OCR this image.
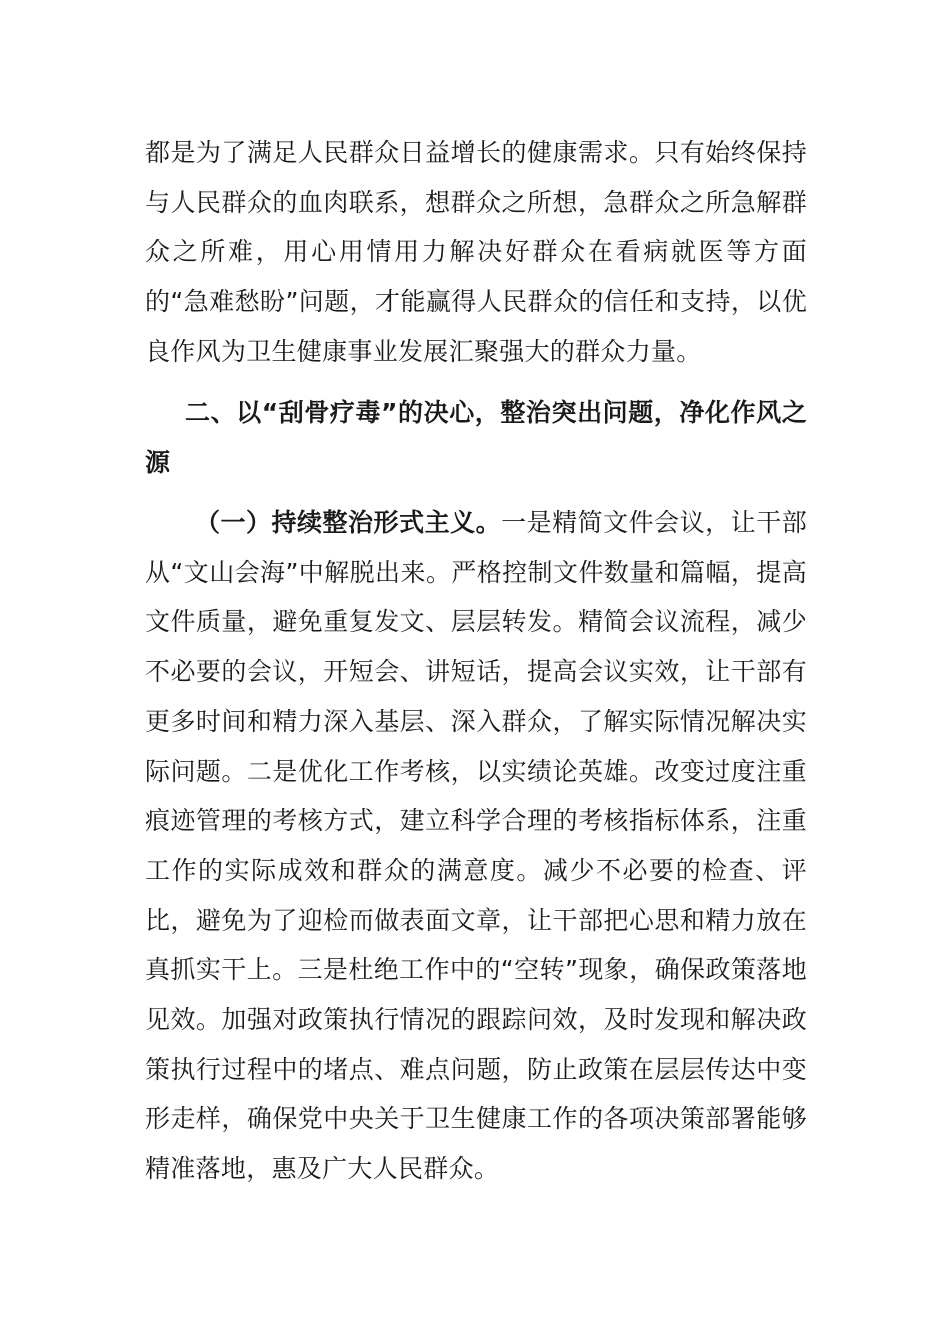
都是为了满足人民群众日益增长的健康需求。只有始终保持与人民群众的血肉联系，想群众之所想，急群众之所急解群众之所难，用心用情用力解决好群众在看病就医等方面的“急难愁盼”问题，才能赢得人民群众的信任和支持，以优良作风为卫生健康事业发展汇聚强大的群众力量。
二、以“刮骨疗毒”的决心，整治突出问题，净化作风之源
（一）持续整治形式主义。一是精简文件会议，让干部从“文山会海”中解脱出来。严格控制文件数量和篇幅，提高文件质量，避免重复发文、层层转发。精简会议流程，减少不必要的会议，开短会、讲短话，提高会议实效，让干部有更多时间和精力深入基层、深入群众，了解实际情况解决实际问题。二是优化工作考核，以实绩论英雄。改变过度注重痕迹管理的考核方式，建立科学合理的考核指标体系，注重工作的实际成效和群众的满意度。减少不必要的检查、评比，避免为了迎检而做表面文章，让干部把心思和精力放在真抓实干上。三是杜绝工作中的“空转”现象，确保政策落地见效。加强对政策执行情况的跟踪问效，及时发现和解决政策执行过程中的堵点、难点问题，防止政策在层层传达中变形走样，确保党中央关于卫生健康工作的各项决策部署能够精准落地，惠及广大人民群众。
